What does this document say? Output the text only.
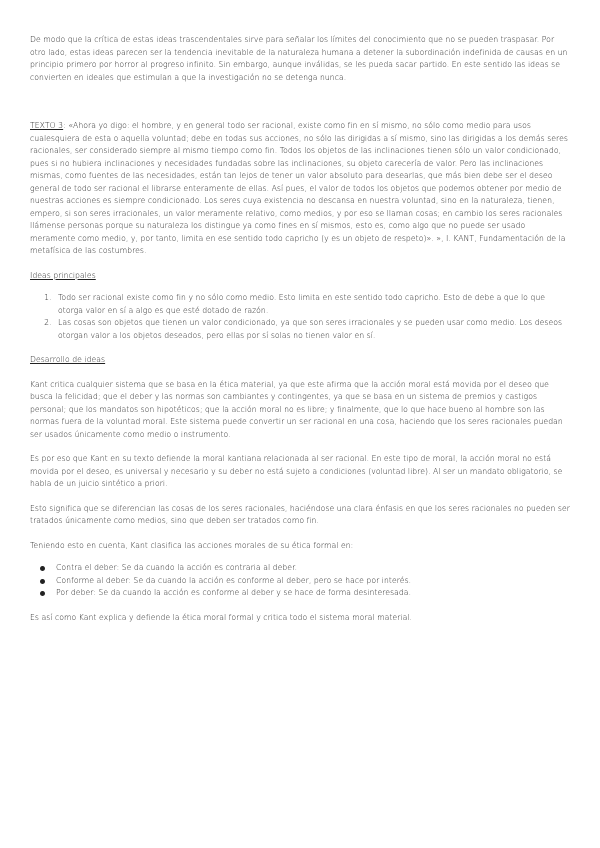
De modo que la crítica de estas ideas trascendentales sirve para señalar los límites del conocimiento que no se pueden traspasar. Por otro lado, estas ideas parecen ser la tendencia inevitable de la naturaleza humana a detener la subordinación indefinida de causas en un principio primero por horror al progreso infinito. Sin embargo, aunque inválidas, se les pueda sacar partido. En este sentido las ideas se convierten en ideales que estimulan a que la investigación no se detenga nunca.

TEXTO 3: «Ahora yo digo: el hombre, y en general todo ser racional, existe como fin en sí mismo, no sólo como medio para usos cualesquiera de esta o aquella voluntad; debe en todas sus acciones, no sólo las dirigidas a sí mismo, sino las dirigidas a los demás seres racionales, ser considerado siempre al mismo tiempo como fin. Todos los objetos de las inclinaciones tienen sólo un valor condicionado, pues si no hubiera inclinaciones y necesidades fundadas sobre las inclinaciones, su objeto carecería de valor. Pero las inclinaciones mismas, como fuentes de las necesidades, están tan lejos de tener un valor absoluto para desearlas, que más bien debe ser el deseo general de todo ser racional el librarse enteramente de ellas. Así pues, el valor de todos los objetos que podemos obtener por medio de nuestras acciones es siempre condicionado. Los seres cuya existencia no descansa en nuestra voluntad, sino en la naturaleza, tienen, empero, si son seres irracionales, un valor meramente relativo, como medios, y por eso se llaman cosas; en cambio los seres racionales llámense personas porque su naturaleza los distingue ya como fines en sí mismos, esto es, como algo que no puede ser usado meramente como medio, y, por tanto, limita en ese sentido todo capricho (y es un objeto de respeto)». », I. KANT, Fundamentación de la metafísica de las costumbres.

Ideas principales

1. Todo ser racional existe como fin y no sólo como medio. Esto limita en este sentido todo capricho. Esto de debe a que lo que otorga valor en sí a algo es que esté dotado de razón.
2. Las cosas son objetos que tienen un valor condicionado, ya que son seres irracionales y se pueden usar como medio. Los deseos otorgan valor a los objetos deseados, pero ellas por sí solas no tienen valor en sí.

Desarrollo de ideas

Kant critica cualquier sistema que se basa en la ética material, ya que este afirma que la acción moral está movida por el deseo que busca la felicidad; que el deber y las normas son cambiantes y contingentes, ya que se basa en un sistema de premios y castigos personal; que los mandatos son hipotéticos; que la acción moral no es libre; y finalmente, que lo que hace bueno al hombre son las normas fuera de la voluntad moral. Este sistema puede convertir un ser racional en una cosa, haciendo que los seres racionales puedan ser usados únicamente como medio o instrumento.

Es por eso que Kant en su texto defiende la moral kantiana relacionada al ser racional. En este tipo de moral, la acción moral no está movida por el deseo, es universal y necesario y su deber no está sujeto a condiciones (voluntad libre). Al ser un mandato obligatorio, se habla de un juicio sintético a priori.

Esto significa que se diferencian las cosas de los seres racionales, haciéndose una clara énfasis en que los seres racionales no pueden ser tratados únicamente como medios, sino que deben ser tratados como fin.

Teniendo esto en cuenta, Kant clasifica las acciones morales de su ética formal en:

Contra el deber: Se da cuando la acción es contraria al deber.
Conforme al deber: Se da cuando la acción es conforme al deber, pero se hace por interés.
Por deber: Se da cuando la acción es conforme al deber y se hace de forma desinteresada.

Es así como Kant explica y defiende la ética moral formal y critica todo el sistema moral material.
